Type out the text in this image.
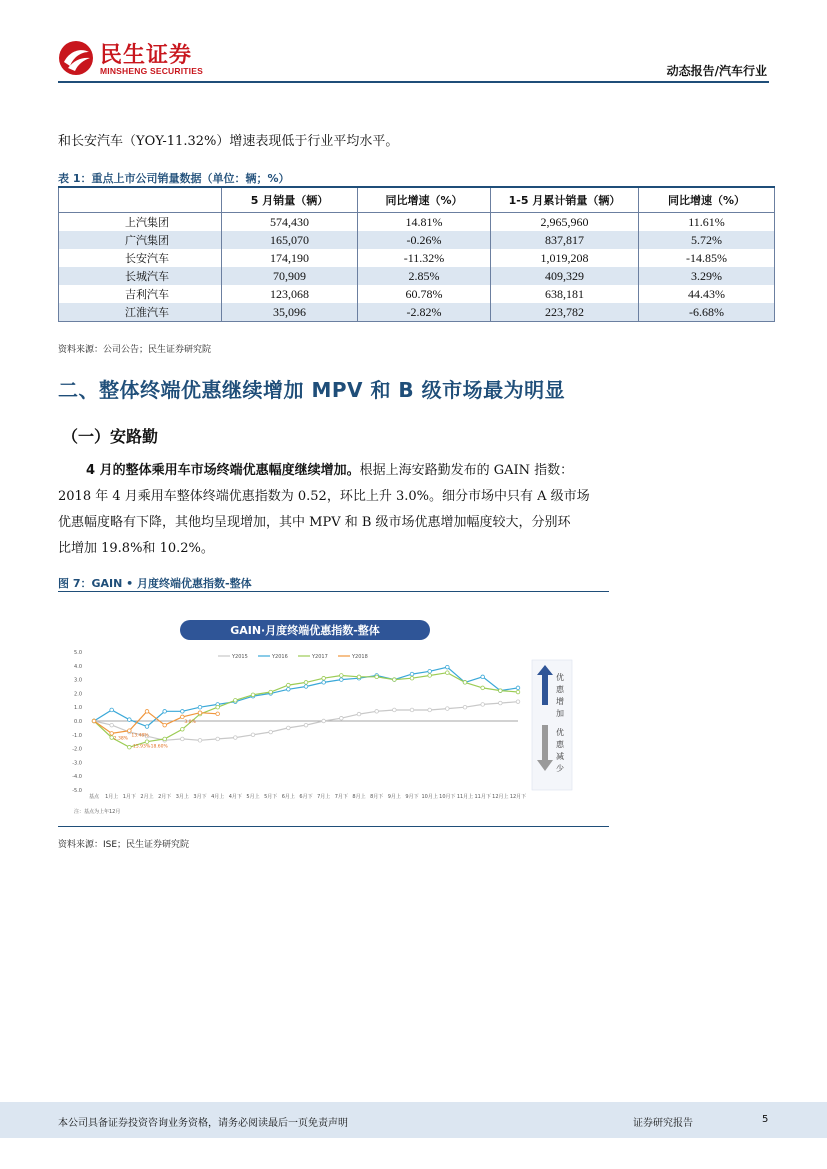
民生证券
MINSHENG SECURITIES	动态报告/汽车行业
和长安汽车（YOY-11.32%）增速表现低于行业平均水平。
表 1：重点上市公司销量数据（单位：辆；%）
	5 月销量（辆）	同比增速（%）	1-5 月累计销量（辆）	同比增速（%）
上汽集团	574,430	14.81%	2,965,960	11.61%
广汽集团	165,070	-0.26%	837,817	5.72%
长安汽车	174,190	-11.32%	1,019,208	-14.85%
长城汽车	70,909	2.85%	409,329	3.29%
吉利汽车	123,068	60.78%	638,181	44.43%
江淮汽车	35,096	-2.82%	223,782	-6.68%
资料来源：公司公告；民生证券研究院
二、整体终端优惠继续增加 MPV 和 B 级市场最为明显
（一）安路勤
4 月的整体乘用车市场终端优惠幅度继续增加。根据上海安路勤发布的 GAIN 指数：
2018 年 4 月乘用车整体终端优惠指数为 0.52，环比上升 3.0%。细分市场中只有 A 级市场
优惠幅度略有下降，其他均呈现增加，其中 MPV 和 B 级市场优惠增加幅度较大，分别环
比增加 19.8%和 10.2%。
图 7：GAIN • 月度终端优惠指数-整体
GAIN·月度终端优惠指数-整体
5.0
4.0
3.0
2.0
1.0
0.0
-1.0
-2.0
-3.0
-4.0
-5.0
基点 1月上 1月下 2月上 2月下 3月上 3月下 4月上 4月下 5月上 5月下 6月上 6月下 7月上 7月下 8月上 8月下 9月上 9月下 10月上 10月下 11月上 11月下 12月上 12月下
Y2015	Y2016	Y2017	Y2018
2.38%
13.48%
-15.93%
-18.60%
3.0%
优
惠
增
加
优
惠
减
少
注：基点为上年12月
资料来源：ISE；民生证券研究院
本公司具备证券投资咨询业务资格，请务必阅读最后一页免责声明	证券研究报告	5
